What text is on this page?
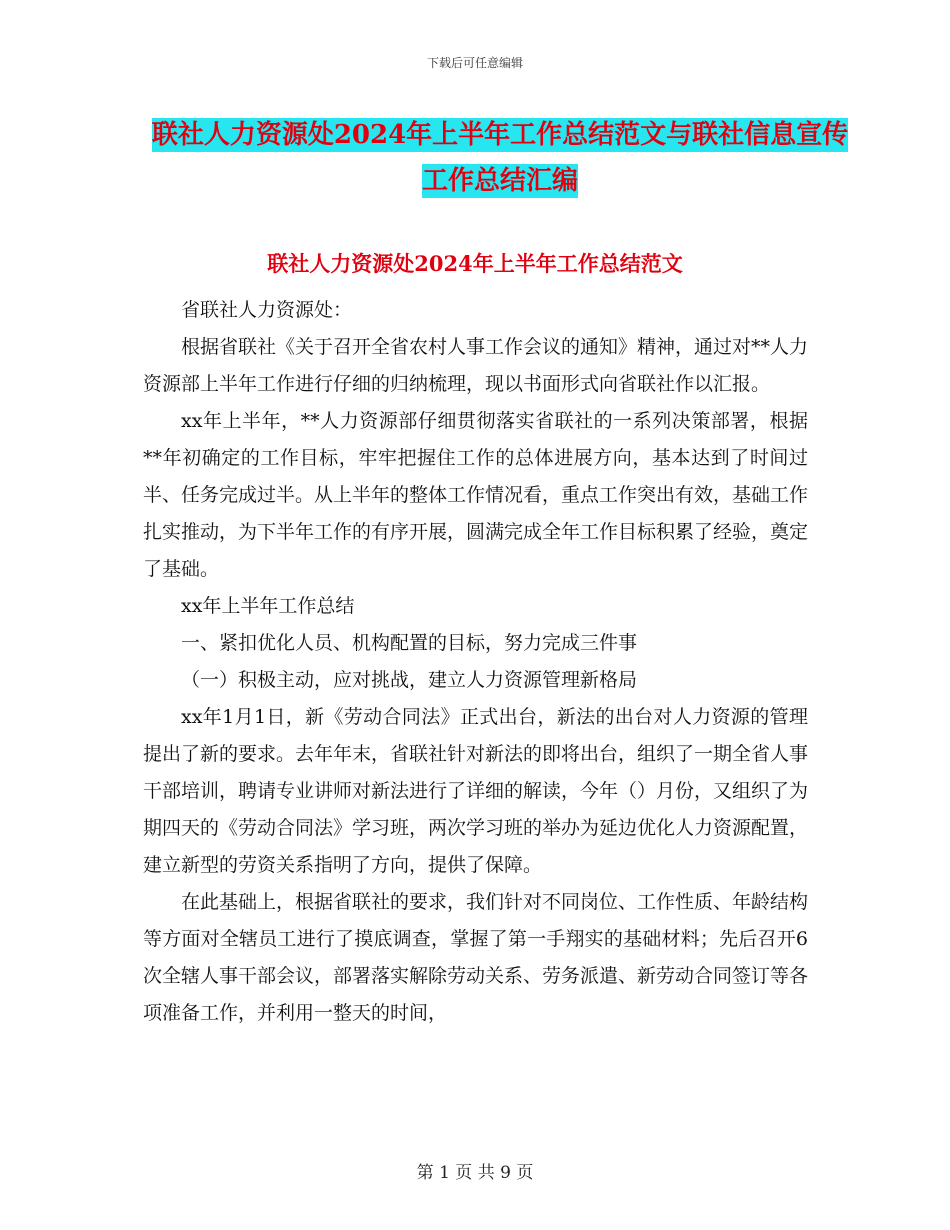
下载后可任意编辑
联社人力资源处2024年上半年工作总结范文与联社信息宣传工作总结汇编
联社人力资源处2024年上半年工作总结范文

省联社人力资源处：

根据省联社《关于召开全省农村人事工作会议的通知》精神，通过对**人力资源部上半年工作进行仔细的归纳梳理，现以书面形式向省联社作以汇报。

xx年上半年，**人力资源部仔细贯彻落实省联社的一系列决策部署，根据**年初确定的工作目标，牢牢把握住工作的总体进展方向，基本达到了时间过半、任务完成过半。从上半年的整体工作情况看，重点工作突出有效，基础工作扎实推动，为下半年工作的有序开展，圆满完成全年工作目标积累了经验，奠定了基础。

xx年上半年工作总结

一、紧扣优化人员、机构配置的目标，努力完成三件事

（一）积极主动，应对挑战，建立人力资源管理新格局

xx年1月1日，新《劳动合同法》正式出台，新法的出台对人力资源的管理提出了新的要求。去年年末，省联社针对新法的即将出台，组织了一期全省人事干部培训，聘请专业讲师对新法进行了详细的解读，今年（）月份，又组织了为期四天的《劳动合同法》学习班，两次学习班的举办为延边优化人力资源配置，建立新型的劳资关系指明了方向，提供了保障。

在此基础上，根据省联社的要求，我们针对不同岗位、工作性质、年龄结构等方面对全辖员工进行了摸底调查，掌握了第一手翔实的基础材料；先后召开6次全辖人事干部会议，部署落实解除劳动关系、劳务派遣、新劳动合同签订等各项准备工作，并利用一整天的时间，

第 1 页 共 9 页
